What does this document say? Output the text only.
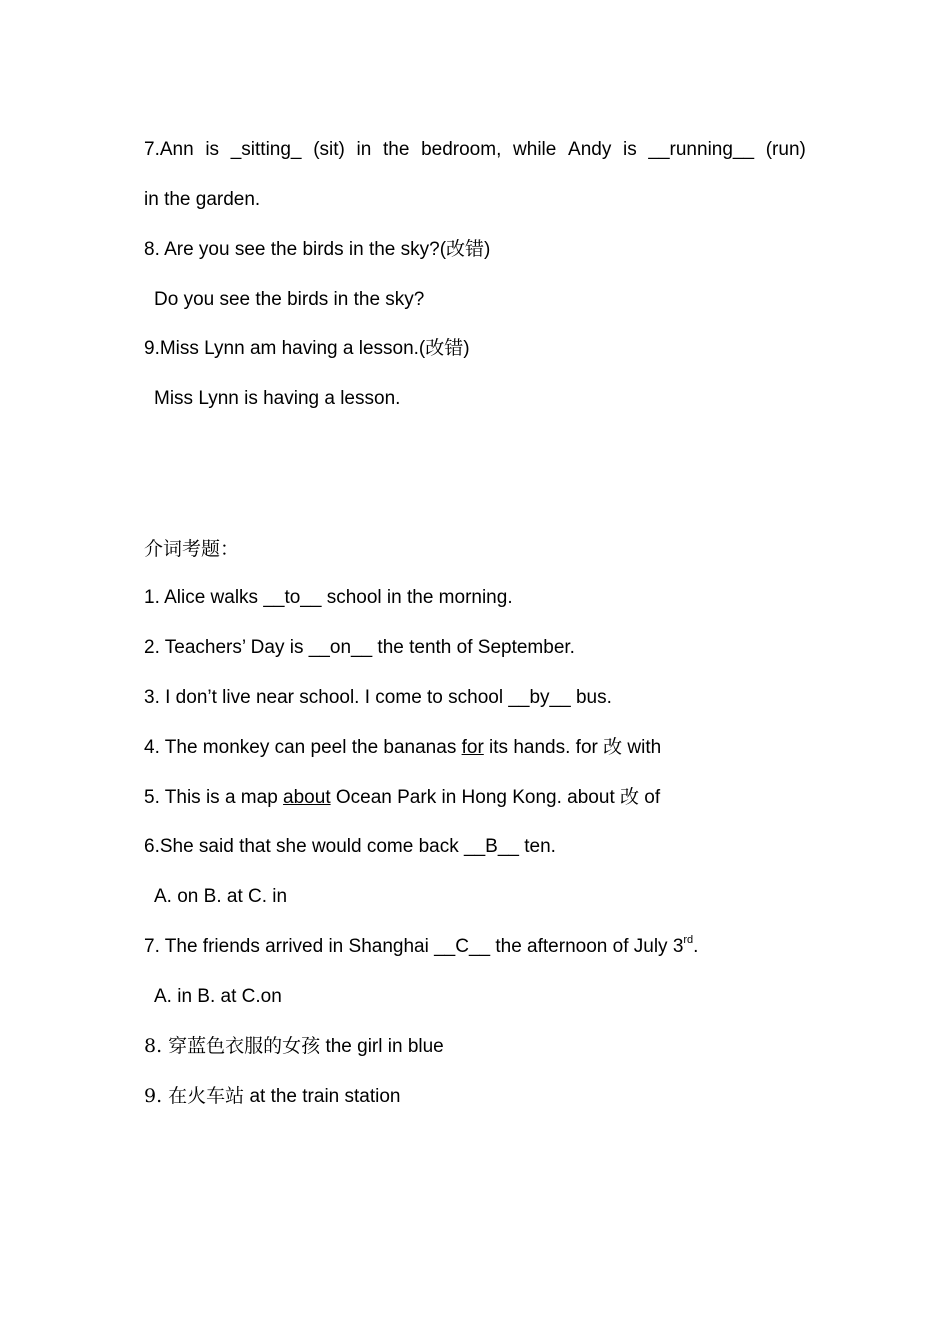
7.Ann is _sitting_ (sit) in the bedroom, while Andy is __running__ (run)
in the garden.
8. Are you see the birds in the sky?(改错)
Do you see the birds in the sky?
9.Miss Lynn am having a lesson.(改错)
Miss Lynn is having a lesson.
介词考题：
1. Alice walks __to__ school in the morning.
2. Teachers’ Day is __on__ the tenth of September.
3. I don’t live near school. I come to school __by__ bus.
4. The monkey can peel the bananas for its hands. for 改 with
5. This is a map about Ocean Park in Hong Kong. about 改 of
6.She said that she would come back __B__ ten.
A. on B. at C. in
7. The friends arrived in Shanghai __C__ the afternoon of July 3rd.
A. in B. at C.on
8. 穿蓝色衣服的女孩 the girl in blue
9. 在火车站 at the train station
